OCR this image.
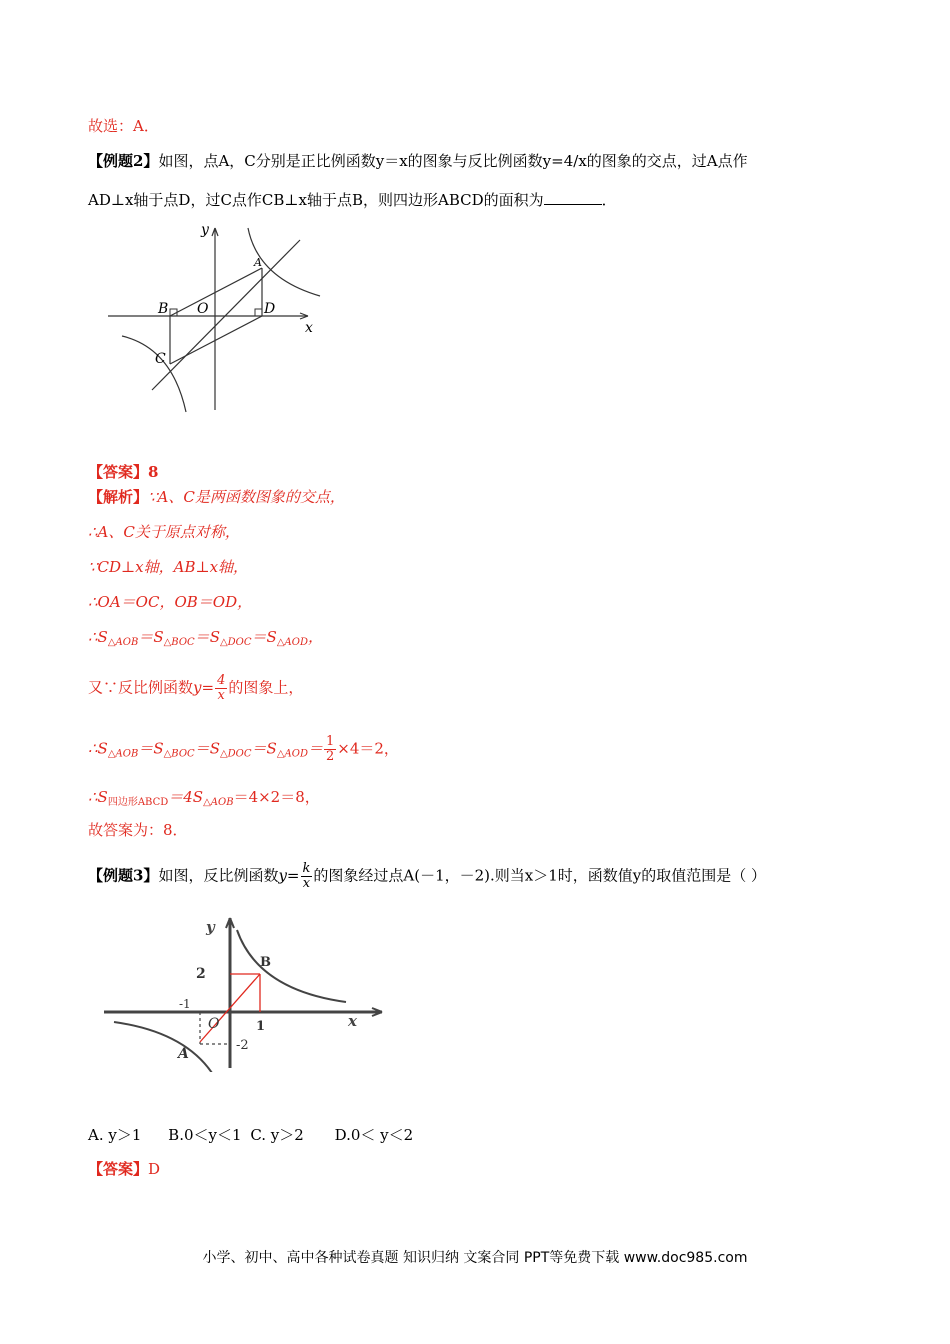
故选：A．
【例题2】如图，点A，C分别是正比例函数y＝x的图象与反比例函数y=4/x的图象的交点，过A点作
AD⊥x轴于点D，过C点作CB⊥x轴于点B，则四边形ABCD的面积为	．
y
x
B O	D
A
C
【答案】8
【解析】∵A、C是两函数图象的交点，
∴A、C关于原点对称，
∵CD⊥x轴，AB⊥x轴，
∴OA＝OC，OB＝OD，
$\therefore S_{\triangle AOB}=S_{\triangle BOC}=S_{\triangle DOC}=S_{\triangle AOD}$，
又∵反比例函数$y= \frac{4}{x}$ 的图象上，
$\therefore S_{\triangle AOB}=S_{\triangle BOC}=S_{\triangle DOC}=S_{\triangle AOD}= \frac{1}{2} \times 4=2$，
$\therefore S_{四边形ABCD}=4S_{\triangle AOB}=4\times 2=8$，
故答案为：8．
【例题3】如图，反比例函数$y= \frac{k}{x}$ 的图象经过点A(－1，－2).则当x＞1时，函数值y的取值范围是（ ）
y
x
2
1
-1
-2
O
B
A
A. y＞1 B.0＜y＜1 C. y＞2 D.0＜ y＜2
【答案】D
小学、初中、高中各种试卷真题 知识归纳 文案合同 PPT等免费下载 www.doc985.com
